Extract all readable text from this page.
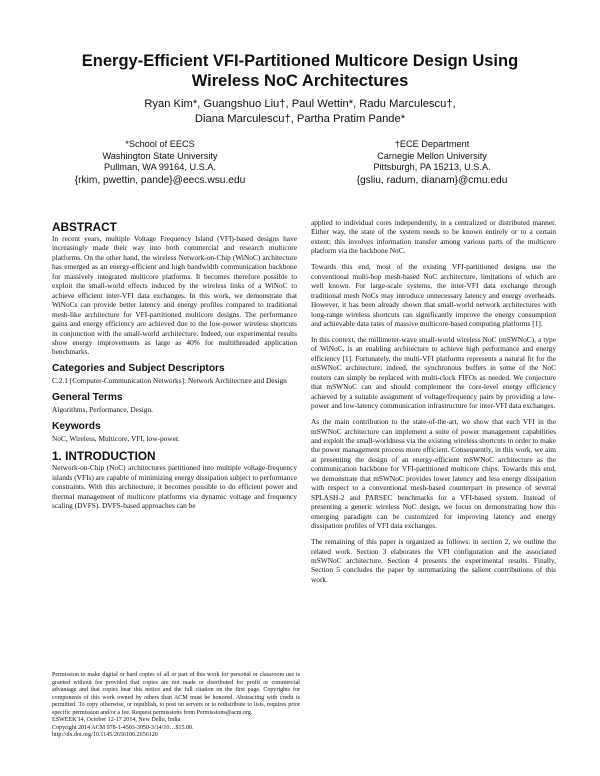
Energy-Efficient VFI-Partitioned Multicore Design Using
Wireless NoC Architectures
Ryan Kim*, Guangshuo Liu†, Paul Wettin*, Radu Marculescu†,
Diana Marculescu†, Partha Pratim Pande*
*School of EECS
Washington State University
Pullman, WA 99164, U.S.A.
{rkim, pwettin, pande}@eecs.wsu.edu
†ECE Department
Carnegie Mellon University
Pittsburgh, PA 15213, U.S.A.
{gsliu, radum, dianam}@cmu.edu
ABSTRACT

In recent years, multiple Voltage Frequency Island (VFI)-based designs have increasingly made their way into both commercial and research multicore platforms. On the other hand, the wireless Network-on-Chip (WiNoC) architecture has emerged as an energy-efficient and high bandwidth communication backbone for massively integrated multicore platforms. It becomes therefore possible to exploit the small-world effects induced by the wireless links of a WiNoC to achieve efficient inter-VFI data exchanges. In this work, we demonstrate that WiNoCs can provide better latency and energy profiles compared to traditional mesh-like architecture for VFI-partitioned multicore designs. The performance gains and energy efficiency are achieved due to the low-power wireless shortcuts in conjunction with the small-world architecture. Indeed, our experimental results show energy improvements as large as 40% for multithreaded application benchmarks.

Categories and Subject Descriptors

C.2.1 [Computer-Communication Networks]: Network Architecture and Design

General Terms

Algorithms, Performance, Design.

Keywords

NoC, Wireless, Multicore, VFI, low-power.

1. INTRODUCTION

Network-on-Chip (NoC) architectures partitioned into multiple voltage-frequency islands (VFIs) are capable of minimizing energy dissipation subject to performance constraints. With this architecture, it becomes possible to do efficient power and thermal management of multicore platforms via dynamic voltage and frequency scaling (DVFS). DVFS-based approaches can be

Permission to make digital or hard copies of all or part of this work for personal or classroom use is granted without fee provided that copies are not made or distributed for profit or commercial advantage and that copies bear this notice and the full citation on the first page. Copyrights for components of this work owned by others than ACM must be honored. Abstracting with credit is permitted. To copy otherwise, or republish, to post on servers or to redistribute to lists, requires prior specific permission and/or a fee. Request permissions from Permissions@acm.org.

ESWEEK'14, October 12-17 2014, New Delhi, India

Copyright 2014 ACM 978-1-4503-3050-3/14/10…$15.00.

http://dx.doi.org/10.1145/2656106.2656120

applied to individual cores independently, in a centralized or distributed manner. Either way, the state of the system needs to be known entirely or to a certain extent; this involves information transfer among various parts of the multicore platform via the backbone NoC.

Towards this end, most of the existing VFI-partitioned designs use the conventional multi-hop mesh-based NoC architecture, limitations of which are well known. For large-scale systems, the inter-VFI data exchange through traditional mesh NoCs may introduce unnecessary latency and energy overheads. However, it has been already shown that small-world network architectures with long-range wireless shortcuts can significantly improve the energy consumption and achievable data rates of massive multicore-based computing platforms [1].

In this context, the millimeter-wave small-world wireless NoC (mSWNoC), a type of WiNoC, is an enabling architecture to achieve high performance and energy efficiency [1]. Fortunately, the multi-VFI platforms represents a natural fit for the mSWNoC architecture; indeed, the synchronous buffers in some of the NoC routers can simply be replaced with multi-clock FIFOs as needed. We conjecture that mSWNoC can and should complement the core-level energy efficiency achieved by a suitable assignment of voltage/frequency pairs by providing a low-power and low-latency communication infrastructure for inter-VFI data exchanges.

As the main contribution to the state-of-the-art, we show that each VFI in the mSWNoC architecture can implement a suite of power management capabilities and exploit the small-worldness via the existing wireless shortcuts in order to make the power management process more efficient. Consequently, in this work, we aim at presenting the design of an energy-efficient mSWNoC architecture as the communication backbone for VFI-partitioned multicore chips. Towards this end, we demonstrate that mSWNoC provides lower latency and less energy dissipation with respect to a conventional mesh-based counterpart in presence of several SPLASH-2 and PARSEC benchmarks for a VFI-based system. Instead of presenting a generic wireless NoC design, we focus on demonstrating how this emerging paradigm can be customized for improving latency and energy dissipation profiles of VFI data exchanges.

The remaining of this paper is organized as follows: in section 2, we outline the related work. Section 3 elaborates the VFI configuration and the associated mSWNoC architecture. Section 4 presents the experimental results. Finally, Section 5 concludes the paper by summarizing the salient contributions of this work.
